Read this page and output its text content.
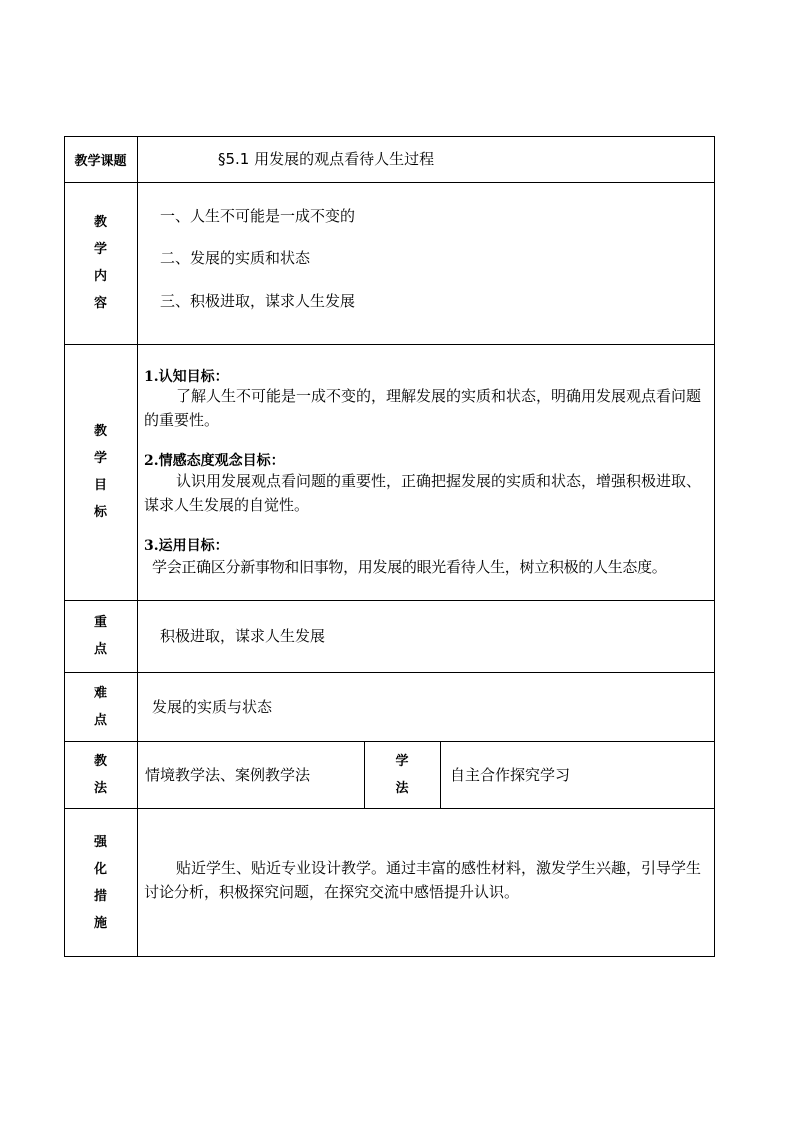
教学课题	§5.1 用发展的观点看待人生过程
教
学
内
容
一、人生不可能是一成不变的
二、发展的实质和状态
三、积极进取，谋求人生发展
教
学
目
标
1.认知目标：
了解人生不可能是一成不变的，理解发展的实质和状态，明确用发展观点看问题的重要性。
2.情感态度观念目标：
认识用发展观点看问题的重要性，正确把握发展的实质和状态，增强积极进取、谋求人生发展的自觉性。
3.运用目标：
学会正确区分新事物和旧事物，用发展的眼光看待人生，树立积极的人生态度。
重
点
积极进取，谋求人生发展
难
点
发展的实质与状态
教
法
情境教学法、案例教学法
学
法
自主合作探究学习
强
化
措
施
贴近学生、贴近专业设计教学。通过丰富的感性材料，激发学生兴趣，引导学生讨论分析，积极探究问题，在探究交流中感悟提升认识。
